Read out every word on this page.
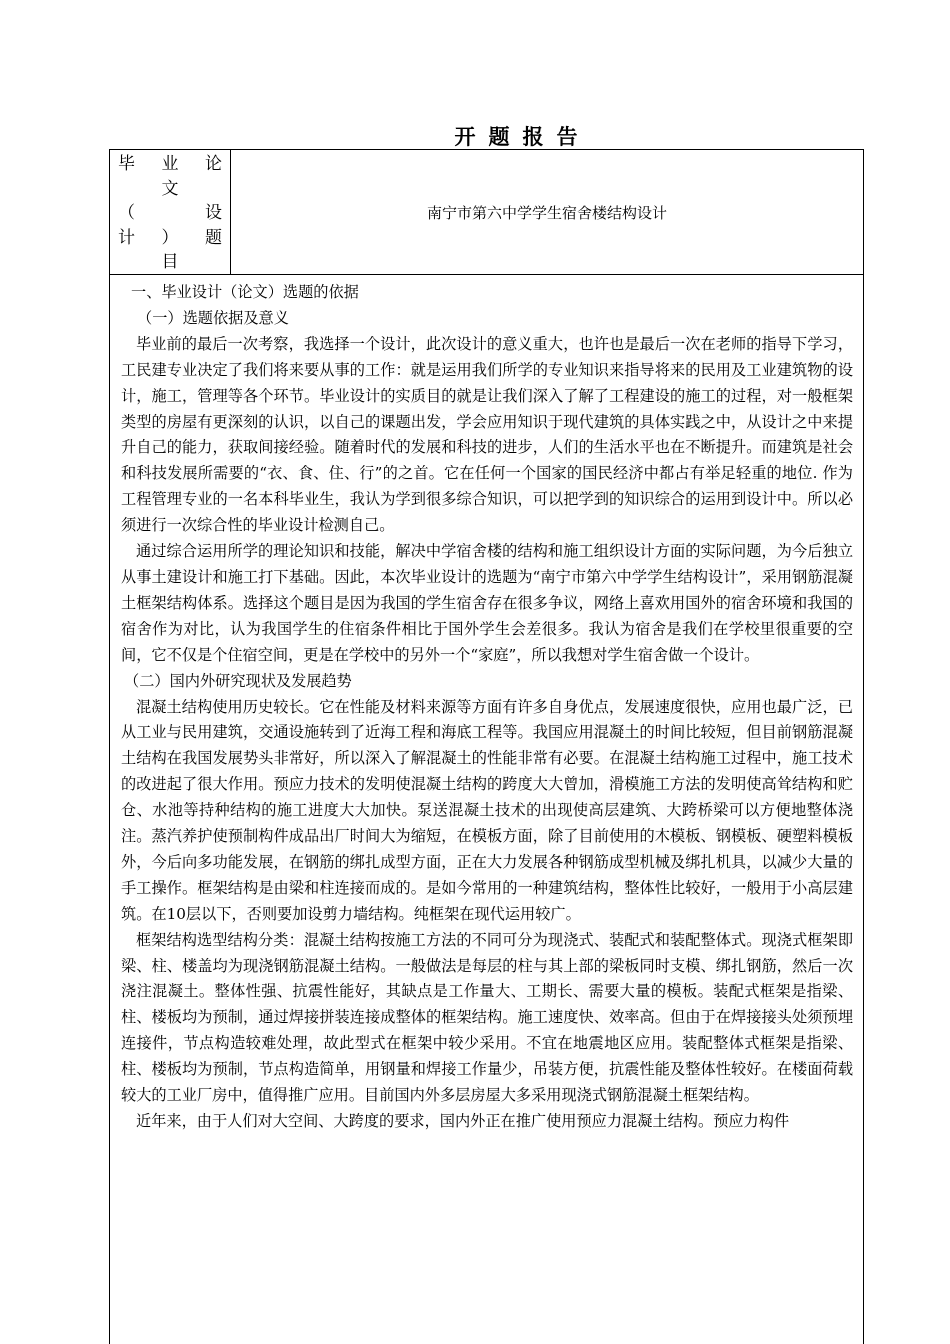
开题报告
毕 业 论
文
（ 设
计 ） 题
目
南宁市第六中学学生宿舍楼结构设计

一、毕业设计（论文）选题的依据

（一）选题依据及意义

毕业前的最后一次考察，我选择一个设计，此次设计的意义重大，也许也是最后一次在老师的指导下学习，工民建专业决定了我们将来要从事的工作：就是运用我们所学的专业知识来指导将来的民用及工业建筑物的设计，施工，管理等各个环节。毕业设计的实质目的就是让我们深入了解了工程建设的施工的过程，对一般框架类型的房屋有更深刻的认识，以自己的课题出发，学会应用知识于现代建筑的具体实践之中，从设计之中来提升自己的能力，获取间接经验。随着时代的发展和科技的进步，人们的生活水平也在不断提升。而建筑是社会和科技发展所需要的“衣、食、住、行”的之首。它在任何一个国家的国民经济中都占有举足轻重的地位. 作为工程管理专业的一名本科毕业生，我认为学到很多综合知识，可以把学到的知识综合的运用到设计中。所以必须进行一次综合性的毕业设计检测自己。

通过综合运用所学的理论知识和技能，解决中学宿舍楼的结构和施工组织设计方面的实际问题，为今后独立从事土建设计和施工打下基础。因此，本次毕业设计的选题为“南宁市第六中学学生结构设计”，采用钢筋混凝土框架结构体系。选择这个题目是因为我国的学生宿舍存在很多争议，网络上喜欢用国外的宿舍环境和我国的宿舍作为对比，认为我国学生的住宿条件相比于国外学生会差很多。我认为宿舍是我们在学校里很重要的空间，它不仅是个住宿空间，更是在学校中的另外一个“家庭”，所以我想对学生宿舍做一个设计。

（二）国内外研究现状及发展趋势

混凝土结构使用历史较长。它在性能及材料来源等方面有许多自身优点，发展速度很快，应用也最广泛，已从工业与民用建筑，交通设施转到了近海工程和海底工程等。我国应用混凝土的时间比较短，但目前钢筋混凝土结构在我国发展势头非常好，所以深入了解混凝土的性能非常有必要。在混凝土结构施工过程中，施工技术的改进起了很大作用。预应力技术的发明使混凝土结构的跨度大大曾加，滑模施工方法的发明使高耸结构和贮仓、水池等持种结构的施工进度大大加快。泵送混凝土技术的出现使高层建筑、大跨桥梁可以方便地整体浇注。蒸汽养护使预制构件成品出厂时间大为缩短，在模板方面，除了目前使用的木模板、钢模板、硬塑料模板外，今后向多功能发展，在钢筋的绑扎成型方面，正在大力发展各种钢筋成型机械及绑扎机具，以减少大量的手工操作。框架结构是由梁和柱连接而成的。是如今常用的一种建筑结构，整体性比较好，一般用于小高层建筑。在10层以下，否则要加设剪力墙结构。纯框架在现代运用较广。

框架结构选型结构分类：混凝土结构按施工方法的不同可分为现浇式、装配式和装配整体式。现浇式框架即梁、柱、楼盖均为现浇钢筋混凝土结构。一般做法是每层的柱与其上部的梁板同时支模、绑扎钢筋，然后一次浇注混凝土。整体性强、抗震性能好，其缺点是工作量大、工期长、需要大量的模板。装配式框架是指梁、柱、楼板均为预制，通过焊接拼装连接成整体的框架结构。施工速度快、效率高。但由于在焊接接头处须预埋连接件，节点构造较难处理，故此型式在框架中较少采用。不宜在地震地区应用。装配整体式框架是指梁、柱、楼板均为预制，节点构造简单，用钢量和焊接工作量少，吊装方便，抗震性能及整体性较好。在楼面荷载较大的工业厂房中，值得推广应用。目前国内外多层房屋大多采用现浇式钢筋混凝土框架结构。

近年来，由于人们对大空间、大跨度的要求，国内外正在推广使用预应力混凝土结构。预应力构件
